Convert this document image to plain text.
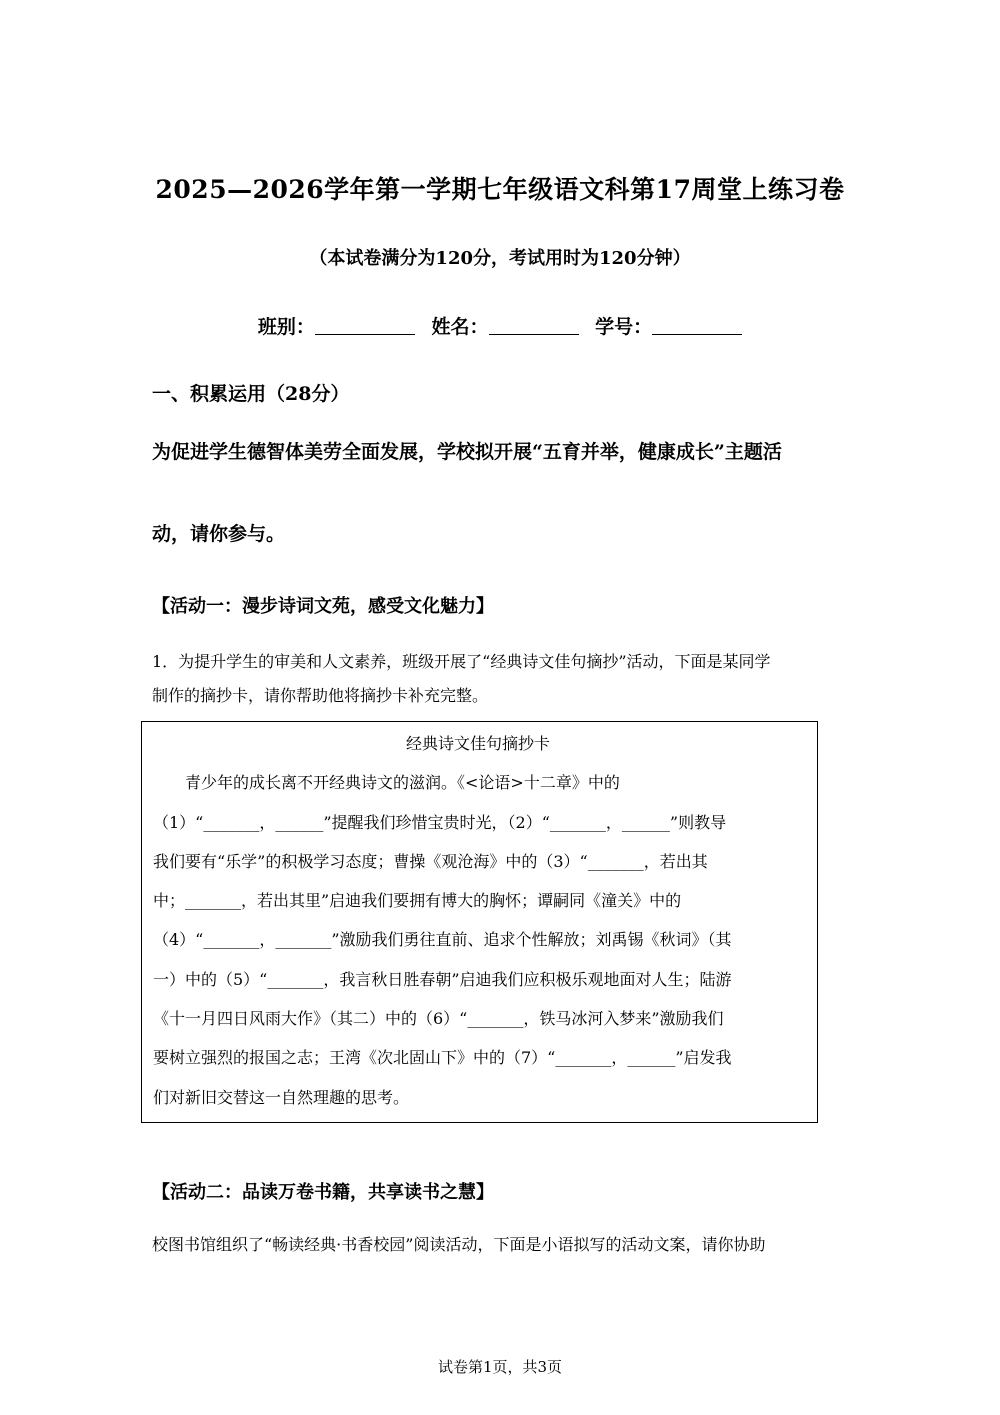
2025—2026学年第一学期七年级语文科第17周堂上练习卷
（本试卷满分为120分，考试用时为120分钟）
班别：	姓名：	学号：
一、积累运用（28分）
为促进学生德智体美劳全面发展，学校拟开展“五育并举，健康成长”主题活
动，请你参与。
【活动一：漫步诗词文苑，感受文化魅力】
1．为提升学生的审美和人文素养，班级开展了“经典诗文佳句摘抄”活动，下面是某同学
制作的摘抄卡，请你帮助他将摘抄卡补充完整。
经典诗文佳句摘抄卡
青少年的成长离不开经典诗文的滋润。《<论语>十二章》中的
（1）“_______，______”提醒我们珍惜宝贵时光，（2）“_______，______”则教导
我们要有“乐学”的积极学习态度；曹操《观沧海》中的（3）“_______，若出其
中；_______，若出其里”启迪我们要拥有博大的胸怀；谭嗣同《潼关》中的
（4）“_______，_______”激励我们勇往直前、追求个性解放；刘禹锡《秋词》（其
一）中的（5）“_______，我言秋日胜春朝”启迪我们应积极乐观地面对人生；陆游
《十一月四日风雨大作》（其二）中的（6）“_______，铁马冰河入梦来”激励我们
要树立强烈的报国之志；王湾《次北固山下》中的（7）“_______，______”启发我
们对新旧交替这一自然理趣的思考。
【活动二：品读万卷书籍，共享读书之慧】
校图书馆组织了“畅读经典·书香校园”阅读活动，下面是小语拟写的活动文案，请你协助
试卷第1页，共3页
